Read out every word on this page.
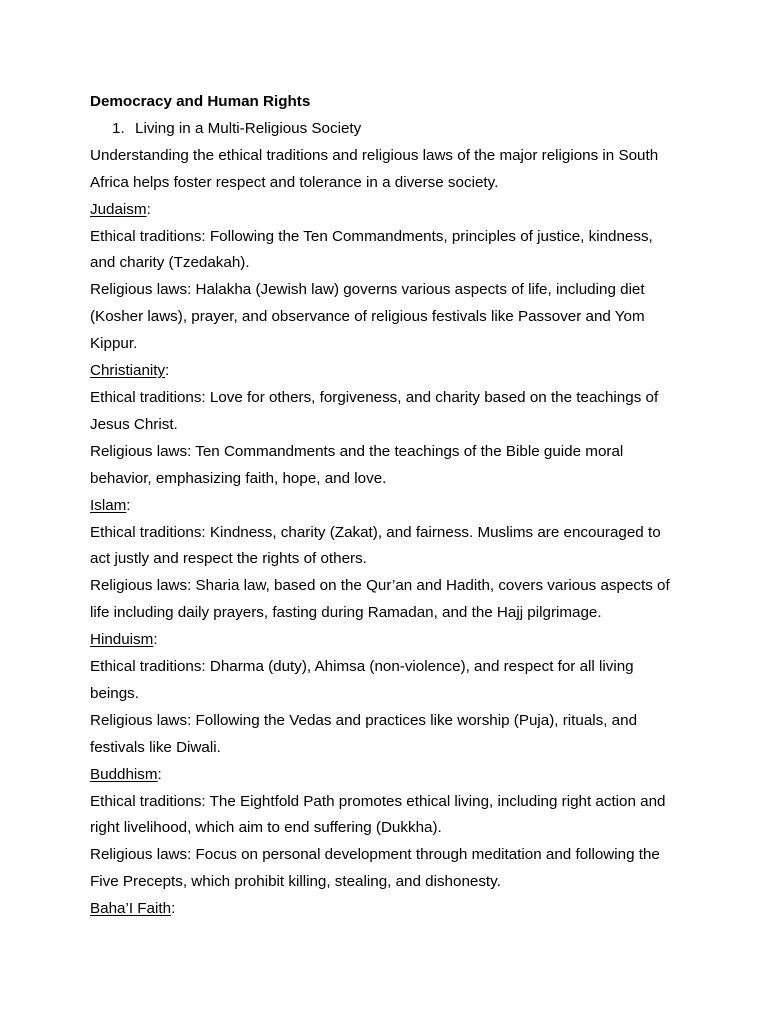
Democracy and Human Rights

1. Living in a Multi-Religious Society

Understanding the ethical traditions and religious laws of the major religions in South Africa helps foster respect and tolerance in a diverse society.

Judaism:

Ethical traditions: Following the Ten Commandments, principles of justice, kindness, and charity (Tzedakah).

Religious laws: Halakha (Jewish law) governs various aspects of life, including diet (Kosher laws), prayer, and observance of religious festivals like Passover and Yom Kippur.

Christianity:

Ethical traditions: Love for others, forgiveness, and charity based on the teachings of Jesus Christ.

Religious laws: Ten Commandments and the teachings of the Bible guide moral behavior, emphasizing faith, hope, and love.

Islam:

Ethical traditions: Kindness, charity (Zakat), and fairness. Muslims are encouraged to act justly and respect the rights of others.

Religious laws: Sharia law, based on the Qur’an and Hadith, covers various aspects of life including daily prayers, fasting during Ramadan, and the Hajj pilgrimage.

Hinduism:

Ethical traditions: Dharma (duty), Ahimsa (non-violence), and respect for all living beings.

Religious laws: Following the Vedas and practices like worship (Puja), rituals, and festivals like Diwali.

Buddhism:

Ethical traditions: The Eightfold Path promotes ethical living, including right action and right livelihood, which aim to end suffering (Dukkha).

Religious laws: Focus on personal development through meditation and following the Five Precepts, which prohibit killing, stealing, and dishonesty.

Baha’I Faith:
